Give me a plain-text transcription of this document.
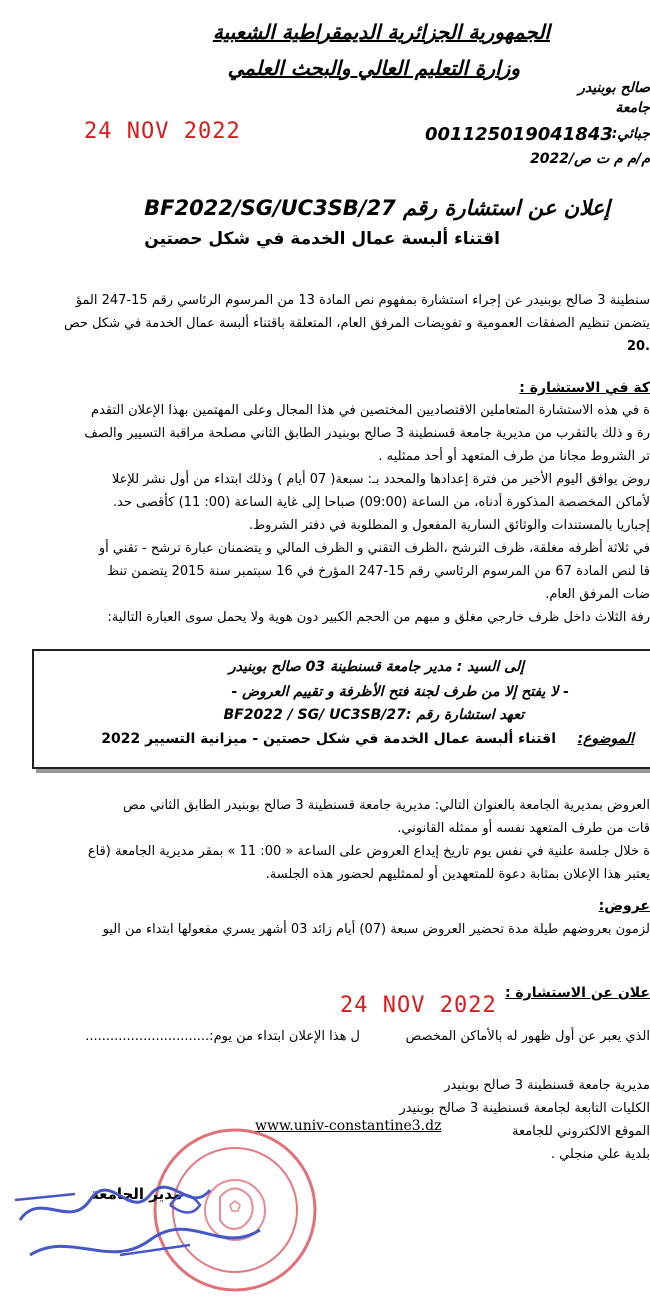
الجمهورية الجزائرية الديمقراطية الشعبية
وزارة التعليم العالي والبحث العلمي
صالح بوبنيدر
جامعة
24 NOV 2022	001125019041843
جبائي:
م/م م ت ص/2022
إعلان عن استشارة رقم BF2022/SG/UC3SB/27
اقتناء ألبسة عمال الخدمة في شكل حصتين
سنطينة 3 صالح بوبنيدر عن إجراء استشارة بمفهوم نص المادة 13 من المرسوم الرئاسي رقم 15-247 المؤ
يتضمن تنظيم الصفقات العمومية و تفويضات المرفق العام، المتعلقة باقتناء ألبسة عمال الخدمة في شكل حص
.20
كة في الاستشارة :
ة في هذه الاستشارة المتعاملين الاقتصاديين المختصين في هذا المجال وعلى المهتمين بهذا الإعلان التقدم
رة و ذلك بالتقرب من مديرية جامعة قسنطينة 3 صالح بوبنيدر الطابق الثاني مصلحة مراقبة التسيير والصف
تر الشروط مجانا من طرف المتعهد أو أحد ممثليه .
روض يوافق اليوم الأخير من فترة إعدادها والمحدد بـ: سبعة( 07 أيام ) وذلك ابتداء من أول نشر للإعلا
لأماكن المخصصة المذكورة أدناه، من الساعة (09:00) صباحا إلى غاية الساعة (00: 11) كأقصى حد.
إجباريا بالمستندات والوثائق السارية المفعول و المطلوبة في دفتر الشروط.
في ثلاثة أظرفه مغلقة، ظرف الترشح ،الظرف التقني و الظرف المالي و يتضمنان عبارة ترشح - تقني أو
قا لنص المادة 67 من المرسوم الرئاسي رقم 15-247 المؤرخ في 16 سبتمبر سنة 2015 يتضمن تنظ
ضات المرفق العام.
رفة الثلاث داخل ظرف خارجي مغلق و مبهم من الحجم الكبير دون هوية ولا يحمل سوى العبارة التالية:
إلى السيد : مدير جامعة قسنطينة 03 صالح بوبنيدر
- لا يفتح إلا من طرف لجنة فتح الأظرفة و تقييم العروض -
تعهد استشارة رقم :BF2022 / SG/ UC3SB/27
الموضوع:
اقتناء ألبسة عمال الخدمة في شكل حصتين - ميزانية التسيير 2022
العروض بمديرية الجامعة بالعنوان التالي: مديرية جامعة قسنطينة 3 صالح بوبنيدر الطابق الثاني مص
قات من طرف المتعهد نفسه أو ممثله القانوني.
ة خلال جلسة علنية في نفس يوم تاريخ إيداع العروض على الساعة « 00: 11 » بمقر مديرية الجامعة (قاع
يعتبر هذا الإعلان بمثابة دعوة للمتعهدين أو لممثليهم لحضور هذه الجلسة.
عروض:
لزمون بعروضهم طيلة مدة تحضير العروض سبعة (07) أيام زائد 03 أشهر يسري مفعولها ابتداء من اليو
علان عن الاستشارة :
24 NOV 2022
الذي يعبر عن أول ظهور له بالأماكن المخصص
ل هذا الإعلان ابتداء من يوم:..............................
مديرية جامعة قسنطينة 3 صالح بوبنيدر
الكليات التابعة لجامعة قسنطينة 3 صالح بوبنيدر
الموقع الالكتروني للجامعة
www.univ-constantine3.dz
بلدية علي منجلي .
مدير الجامعة
